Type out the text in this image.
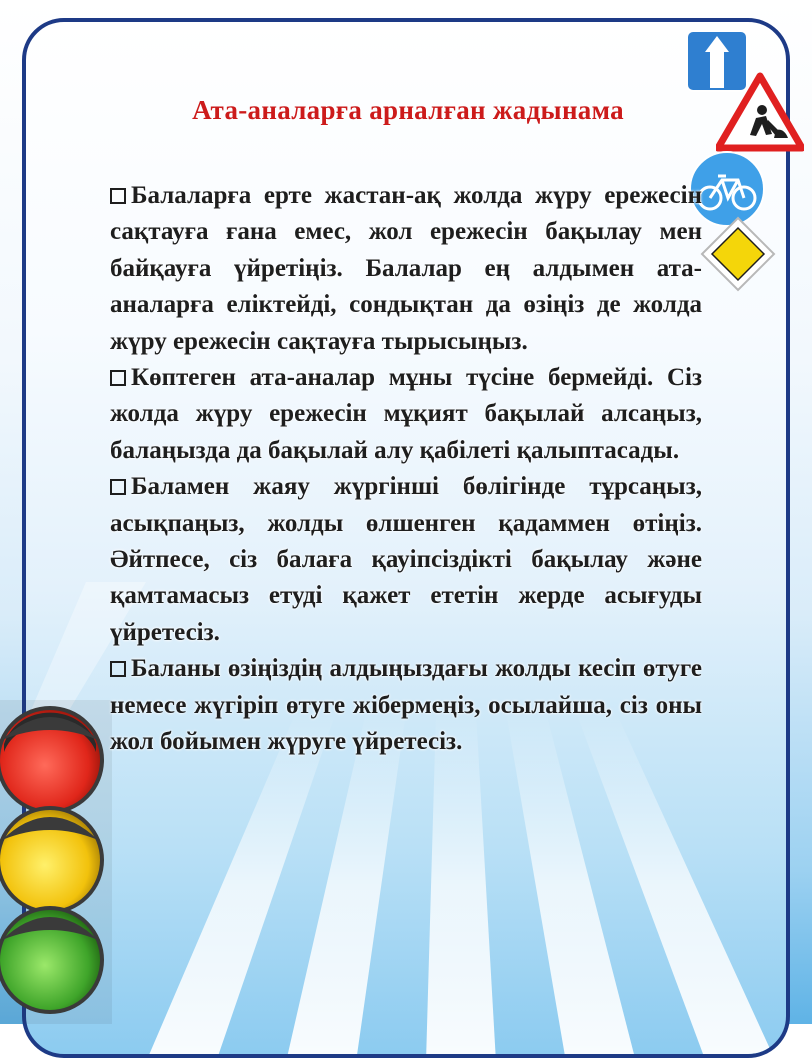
Ата-аналарға арналған жадынама

Балаларға ерте жастан-ақ жолда жүру ережесін сақтауға ғана емес, жол ережесін бақылау мен байқауға үйретіңіз. Балалар ең алдымен ата-аналарға еліктейді, сондықтан да өзіңіз де жолда жүру ережесін сақтауға тырысыңыз.

Көптеген ата-аналар мұны түсіне бермейді. Сіз жолда жүру ережесін мұқият бақылай алсаңыз, балаңызда да бақылай алу қабілеті қалыптасады.

Баламен жаяу жүргінші бөлігінде тұрсаңыз, асықпаңыз, жолды өлшенген қадаммен өтіңіз. Әйтпесе, сіз балаға қауіпсіздікті бақылау және қамтамасыз етуді қажет ететін жерде асығуды үйретесіз.

Баланы өзіңіздің алдыңыздағы жолды кесіп өтуге немесе жүгіріп өтуге жібермеңіз, осылайша, сіз оны жол бойымен жүруге үйретесіз.
